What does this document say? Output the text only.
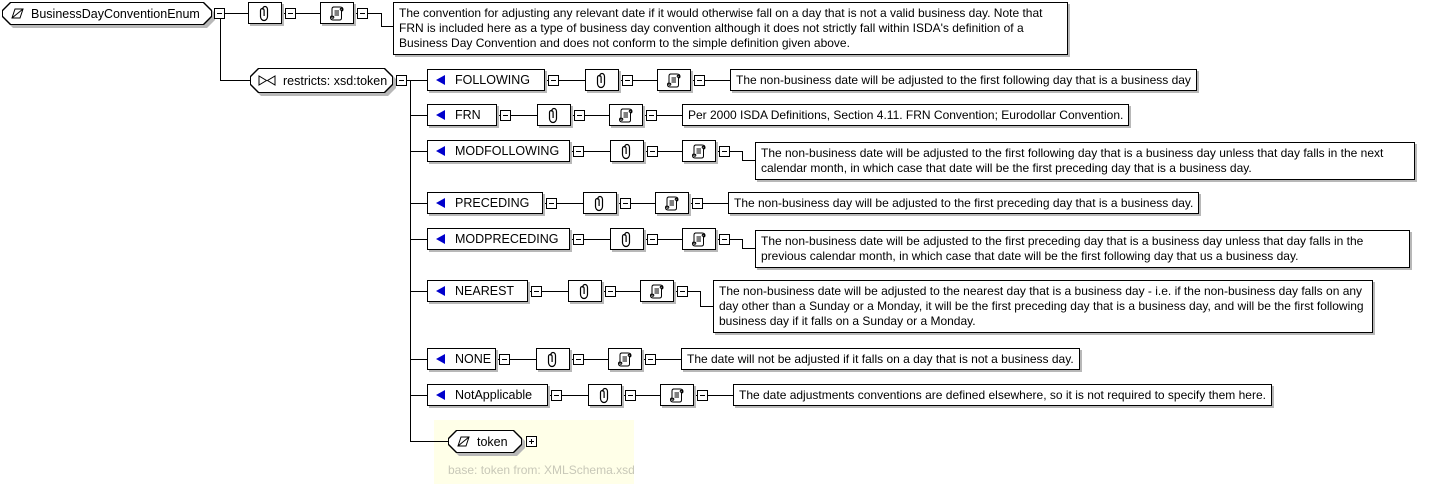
BusinessDayConventionEnum	The convention for adjusting any relevant date if it would otherwise fall on a day that is not a valid business day. Note that FRN is included here as a type of business day convention although it does not strictly fall within ISDA's definition of a Business Day Convention and does not conform to the simple definition given above.
restricts: xsd:token	FOLLOWING	The non-business date will be adjusted to the first following day that is a business day
FRN	Per 2000 ISDA Definitions, Section 4.11. FRN Convention; Eurodollar Convention.
MODFOLLOWING	The non-business date will be adjusted to the first following day that is a business day unless that day falls in the next calendar month, in which case that date will be the first preceding day that is a business day.
PRECEDING	The non-business day will be adjusted to the first preceding day that is a business day.
MODPRECEDING	The non-business date will be adjusted to the first preceding day that is a business day unless that day falls in the previous calendar month, in which case that date will be the first following day that us a business day.
NEAREST	The non-business date will be adjusted to the nearest day that is a business day - i.e. if the non-business day falls on any day other than a Sunday or a Monday, it will be the first preceding day that is a business day, and will be the first following business day if it falls on a Sunday or a Monday.
NONE	The date will not be adjusted if it falls on a day that is not a business day.
NotApplicable	The date adjustments conventions are defined elsewhere, so it is not required to specify them here.
token
base: token from: XMLSchema.xsd
